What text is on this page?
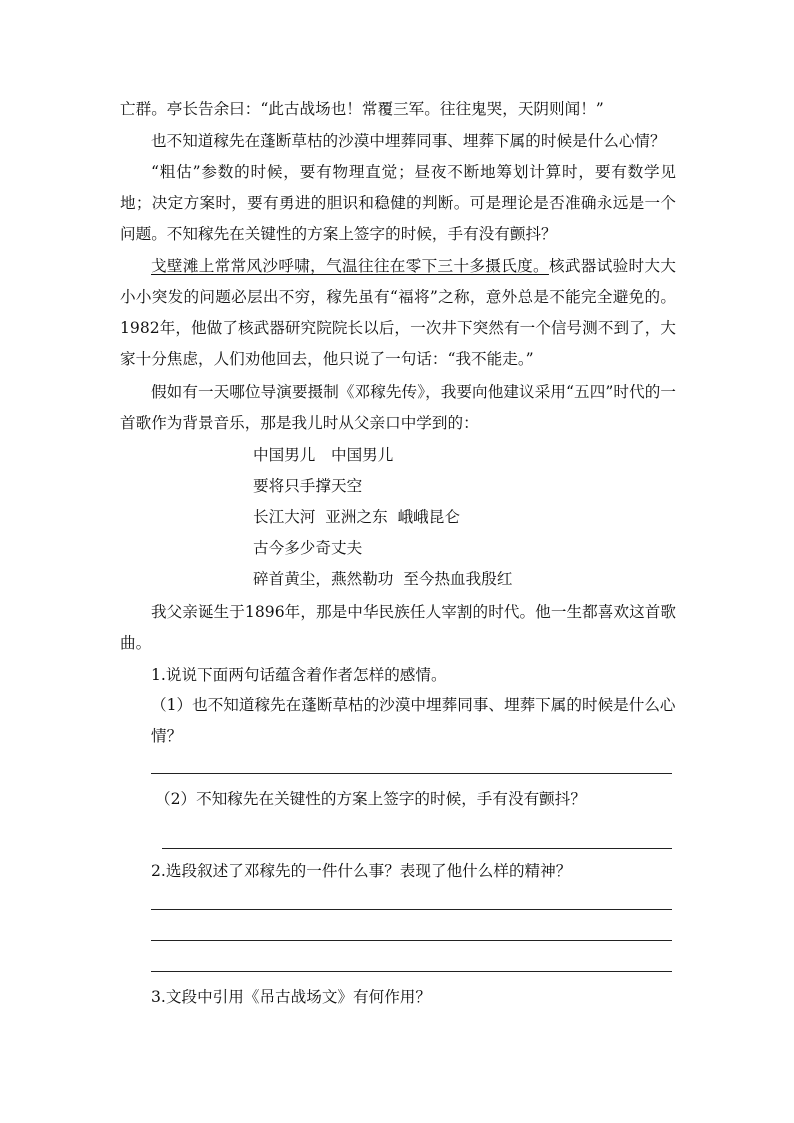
亡群。亭长告余曰：“此古战场也！常覆三军。往往鬼哭，天阴则闻！”

也不知道稼先在蓬断草枯的沙漠中埋葬同事、埋葬下属的时候是什么心情？

“粗估”参数的时候，要有物理直觉；昼夜不断地筹划计算时，要有数学见地；决定方案时，要有勇进的胆识和稳健的判断。可是理论是否准确永远是一个问题。不知稼先在关键性的方案上签字的时候，手有没有颤抖？

戈壁滩上常常风沙呼啸，气温往往在零下三十多摄氏度。核武器试验时大大小小突发的问题必层出不穷，稼先虽有“福将”之称，意外总是不能完全避免的。1982年，他做了核武器研究院院长以后，一次井下突然有一个信号测不到了，大家十分焦虑，人们劝他回去，他只说了一句话：“我不能走。”

假如有一天哪位导演要摄制《邓稼先传》，我要向他建议采用“五四”时代的一首歌作为背景音乐，那是我儿时从父亲口中学到的：

中国男儿　中国男儿
要将只手撑天空
长江大河  亚洲之东  峨峨昆仑
古今多少奇丈夫
碎首黄尘，燕然勒功  至今热血我殷红

我父亲诞生于1896年，那是中华民族任人宰割的时代。他一生都喜欢这首歌曲。

1.说说下面两句话蕴含着作者怎样的感情。

（1）也不知道稼先在蓬断草枯的沙漠中埋葬同事、埋葬下属的时候是什么心情？

（2）不知稼先在关键性的方案上签字的时候，手有没有颤抖？

2.选段叙述了邓稼先的一件什么事？表现了他什么样的精神？

3.文段中引用《吊古战场文》有何作用？
